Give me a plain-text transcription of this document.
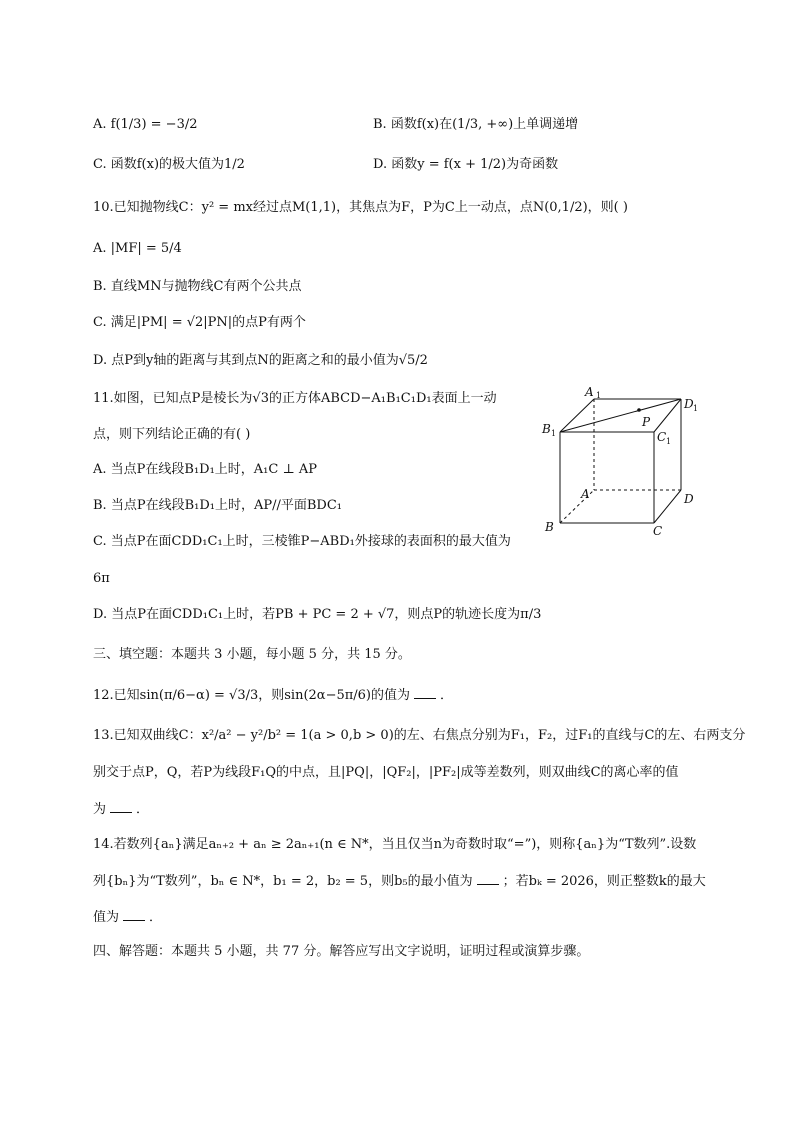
A. f(1/3) = −3/2	B. 函数f(x)在(1/3, +∞)上单调递增
C. 函数f(x)的极大值为1/2	D. 函数y = f(x + 1/2)为奇函数
10.已知抛物线C：y² = mx经过点M(1,1)，其焦点为F，P为C上一动点，点N(0,1/2)，则( )
A. |MF| = 5/4
B. 直线MN与抛物线C有两个公共点
C. 满足|PM| = √2|PN|的点P有两个
D. 点P到y轴的距离与其到点N的距离之和的最小值为√5/2
11.如图，已知点P是棱长为√3的正方体ABCD−A₁B₁C₁D₁表面上一动
点，则下列结论正确的有( )
A. 当点P在线段B₁D₁上时，A₁C ⊥ AP
B. 当点P在线段B₁D₁上时，AP//平面BDC₁
C. 当点P在面CDD₁C₁上时，三棱锥P−ABD₁外接球的表面积的最大值为
6π
D. 当点P在面CDD₁C₁上时，若PB + PC = 2 + √7，则点P的轨迹长度为π/3
A 1
B 1	C 1
D 1
P
A
B	C
D
三、填空题：本题共 3 小题，每小题 5 分，共 15 分。
12.已知sin(π/6−α) = √3/3，则sin(2α−5π/6)的值为 ．
13.已知双曲线C：x²/a² − y²/b² = 1(a > 0,b > 0)的左、右焦点分别为F₁，F₂，过F₁的直线与C的左、右两支分
别交于点P，Q，若P为线段F₁Q的中点，且|PQ|，|QF₂|，|PF₂|成等差数列，则双曲线C的离心率的值
为 ．
14.若数列{aₙ}满足aₙ₊₂ + aₙ ≥ 2aₙ₊₁(n ∈ N*，当且仅当n为奇数时取“=”)，则称{aₙ}为“T数列”.设数
列{bₙ}为“T数列”，bₙ ∈ N*，b₁ = 2，b₂ = 5，则b₅的最小值为 ；若bₖ = 2026，则正整数k的最大
值为 ．
四、解答题：本题共 5 小题，共 77 分。解答应写出文字说明，证明过程或演算步骤。
